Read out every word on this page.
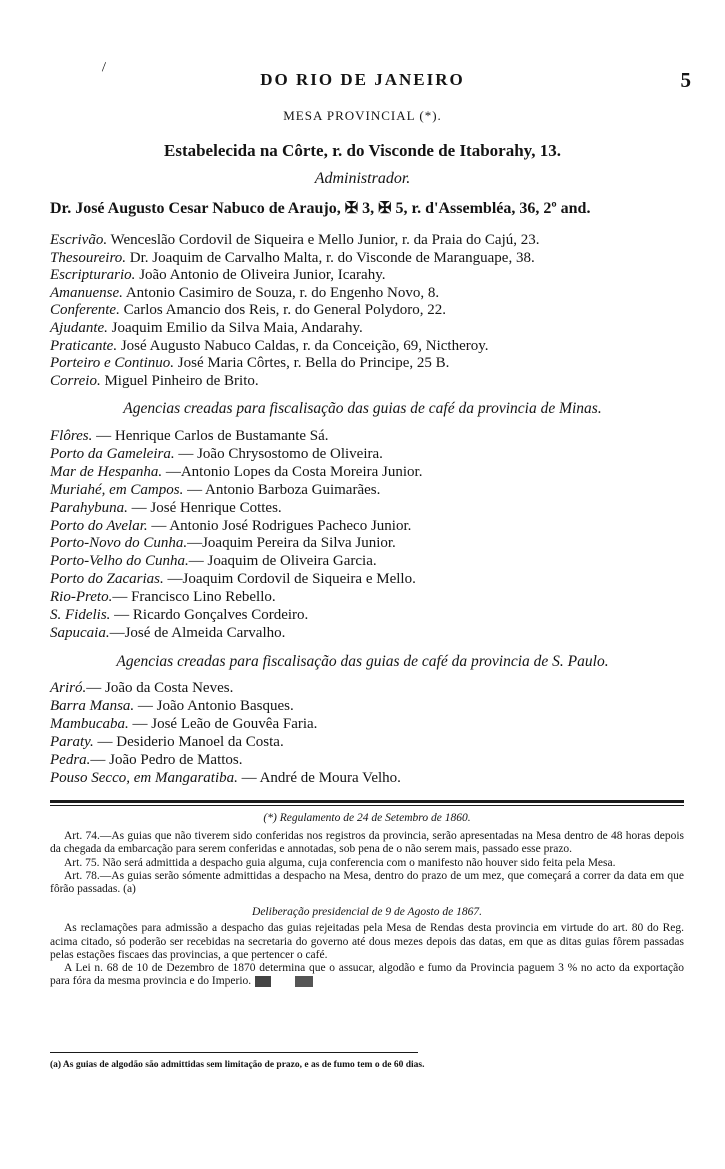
\
DO RIO DE JANEIRO	5
MESA PROVINCIAL (*).
Estabelecida na Côrte, r. do Visconde de Itaborahy, 13.
Administrador.
Dr. José Augusto Cesar Nabuco de Araujo, ✠ 3, ✠ 5, r. d'Assembléa, 36, 2º and.
Escrivão. Wenceslão Cordovil de Siqueira e Mello Junior, r. da Praia do Cajú, 23.
Thesoureiro. Dr. Joaquim de Carvalho Malta, r. do Visconde de Maranguape, 38.
Escripturario. João Antonio de Oliveira Junior, Icarahy.
Amanuense. Antonio Casimiro de Souza, r. do Engenho Novo, 8.
Conferente. Carlos Amancio dos Reis, r. do General Polydoro, 22.
Ajudante. Joaquim Emilio da Silva Maia, Andarahy.
Praticante. José Augusto Nabuco Caldas, r. da Conceição, 69, Nictheroy.
Porteiro e Continuo. José Maria Côrtes, r. Bella do Principe, 25 B.
Correio. Miguel Pinheiro de Brito.
Agencias creadas para fiscalisação das guias de café da provincia de Minas.
Flôres. — Henrique Carlos de Bustamante Sá.
Porto da Gameleira. — João Chrysostomo de Oliveira.
Mar de Hespanha. —Antonio Lopes da Costa Moreira Junior.
Muriahé, em Campos. — Antonio Barboza Guimarães.
Parahybuna. — José Henrique Cottes.
Porto do Avelar. — Antonio José Rodrigues Pacheco Junior.
Porto-Novo do Cunha.—Joaquim Pereira da Silva Junior.
Porto-Velho do Cunha.— Joaquim de Oliveira Garcia.
Porto do Zacarias. —Joaquim Cordovil de Siqueira e Mello.
Rio-Preto.— Francisco Lino Rebello.
S. Fidelis. — Ricardo Gonçalves Cordeiro.
Sapucaia.—José de Almeida Carvalho.
Agencias creadas para fiscalisação das guias de café da provincia de S. Paulo.
Ariró.— João da Costa Neves.
Barra Mansa. — João Antonio Basques.
Mambucaba. — José Leão de Gouvêa Faria.
Paraty. — Desiderio Manoel da Costa.
Pedra.— João Pedro de Mattos.
Pouso Secco, em Mangaratiba. — André de Moura Velho.
(*) Regulamento de 24 de Setembro de 1860.
Art. 74.—As guias que não tiverem sido conferidas nos registros da provincia, serão apresentadas na Mesa dentro de 48 horas depois da chegada da embarcação para serem conferidas e annotadas, sob pena de o não serem mais, passado esse prazo.
Art. 75. Não será admittida a despacho guia alguma, cuja conferencia com o manifesto não houver sido feita pela Mesa.
Art. 78.—As guias serão sómente admittidas a despacho na Mesa, dentro do prazo de um mez, que começará a correr da data em que fôrão passadas. (a)
Deliberação presidencial de 9 de Agosto de 1867.
As reclamações para admissão a despacho das guias rejeitadas pela Mesa de Rendas desta provincia em virtude do art. 80 do Reg. acima citado, só poderão ser recebidas na secretaria do governo até dous mezes depois das datas, em que as ditas guias fôrem passadas pelas estações fiscaes das provincias, a que pertencer o café.
A Lei n. 68 de 10 de Dezembro de 1870 determina que o assucar, algodão e fumo da Provincia paguem 3 % no acto da exportação para fóra da mesma provincia e do Imperio.
(a) As guias de algodão são admittidas sem limitação de prazo, e as de fumo tem o de 60 dias.
